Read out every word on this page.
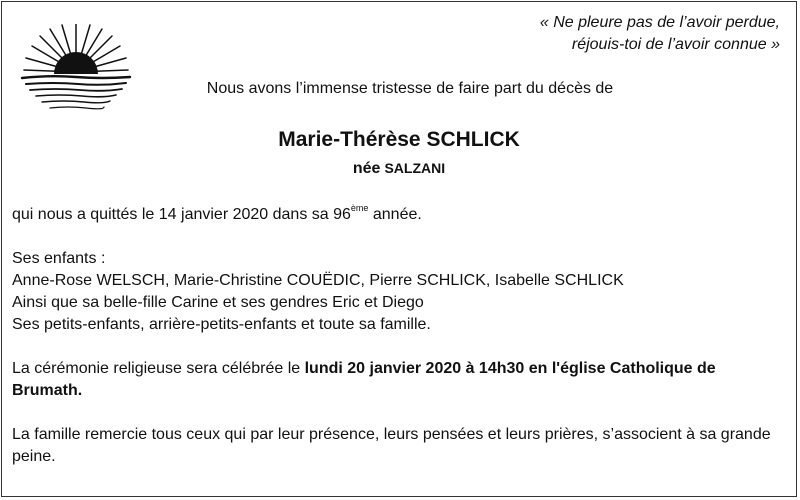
« Ne pleure pas de l’avoir perdue,
réjouis-toi de l’avoir connue »
Nous avons l’immense tristesse de faire part du décès de
Marie-Thérèse SCHLICK
née SALZANI

qui nous a quittés le 14 janvier 2020 dans sa 96ème année.

Ses enfants :

Anne-Rose WELSCH, Marie-Christine COUËDIC, Pierre SCHLICK, Isabelle SCHLICK

Ainsi que sa belle-fille Carine et ses gendres Eric et Diego

Ses petits-enfants, arrière-petits-enfants et toute sa famille.

La cérémonie religieuse sera célébrée le lundi 20 janvier 2020 à 14h30 en l'église Catholique de Brumath.

La famille remercie tous ceux qui par leur présence, leurs pensées et leurs prières, s’associent à sa grande peine.
